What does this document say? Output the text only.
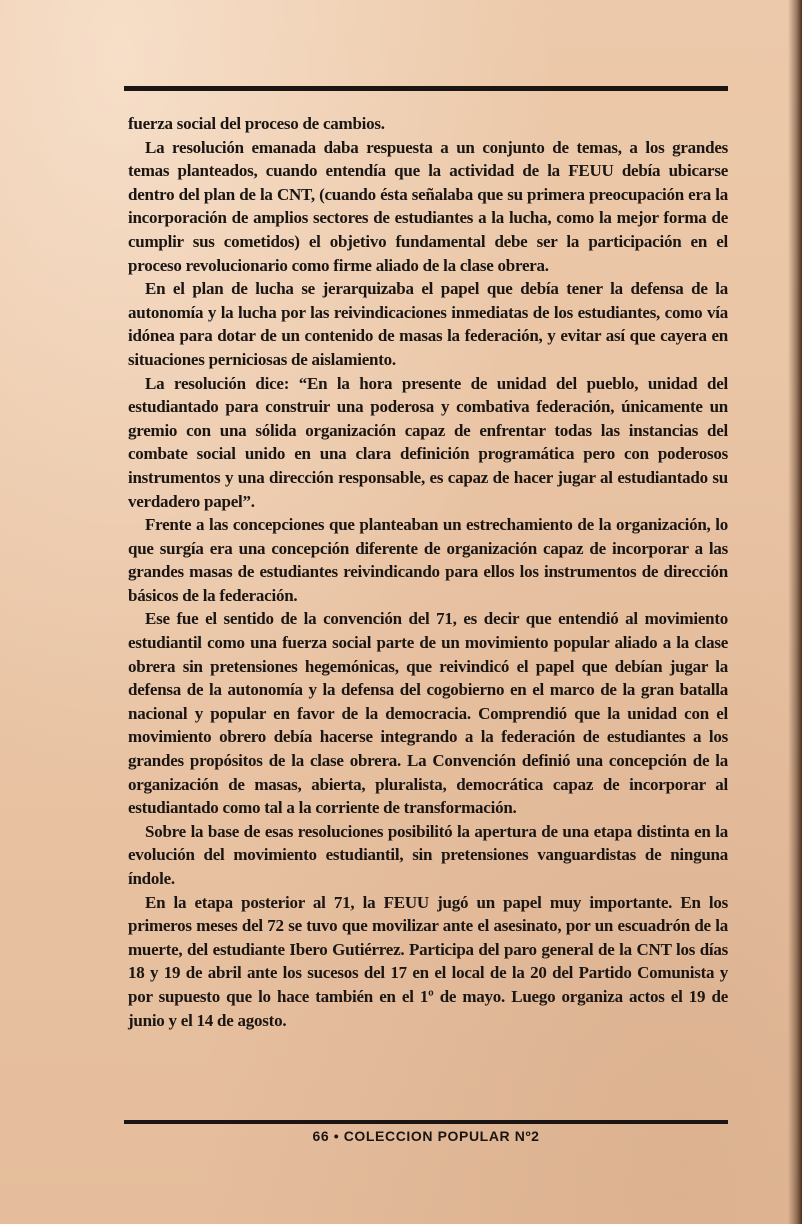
fuerza social del proceso de cambios.

La resolución emanada daba respuesta a un conjunto de temas, a los grandes temas planteados, cuando entendía que la actividad de la FEUU debía ubicarse dentro del plan de la CNT, (cuando ésta señalaba que su primera preocupación era la incorporación de amplios sectores de estudiantes a la lucha, como la mejor forma de cumplir sus cometidos) el objetivo fundamental debe ser la participación en el proceso revolucionario como firme aliado de la clase obrera.

En el plan de lucha se jerarquizaba el papel que debía tener la defensa de la autonomía y la lucha por las reivindicaciones inmediatas de los estudiantes, como vía idónea para dotar de un contenido de masas la federación, y evitar así que cayera en situaciones perniciosas de aislamiento.

La resolución dice: “En la hora presente de unidad del pueblo, unidad del estudiantado para construir una poderosa y combativa federación, únicamente un gremio con una sólida organización capaz de enfrentar todas las instancias del combate social unido en una clara definición programática pero con poderosos instrumentos y una dirección responsable, es capaz de hacer jugar al estudiantado su verdadero papel”.

Frente a las concepciones que planteaban un estrechamiento de la organización, lo que surgía era una concepción diferente de organización capaz de incorporar a las grandes masas de estudiantes reivindicando para ellos los instrumentos de dirección básicos de la federación.

Ese fue el sentido de la convención del 71, es decir que entendió al movimiento estudiantil como una fuerza social parte de un movimiento popular aliado a la clase obrera sin pretensiones hegemónicas, que reivindicó el papel que debían jugar la defensa de la autonomía y la defensa del cogobierno en el marco de la gran batalla nacional y popular en favor de la democracia. Comprendió que la unidad con el movimiento obrero debía hacerse integrando a la federación de estudiantes a los grandes propósitos de la clase obrera. La Convención definió una concepción de la organización de masas, abierta, pluralista, democrática capaz de incorporar al estudiantado como tal a la corriente de transformación.

Sobre la base de esas resoluciones posibilitó la apertura de una etapa distinta en la evolución del movimiento estudiantil, sin pretensiones vanguardistas de ninguna índole.

En la etapa posterior al 71, la FEUU jugó un papel muy importante. En los primeros meses del 72 se tuvo que movilizar ante el asesinato, por un escuadrón de la muerte, del estudiante Ibero Gutiérrez. Participa del paro general de la CNT los días 18 y 19 de abril ante los sucesos del 17 en el local de la 20 del Partido Comunista y por supuesto que lo hace también en el 1º de mayo. Luego organiza actos el 19 de junio y el 14 de agosto.

66 • COLECCION POPULAR Nº2
